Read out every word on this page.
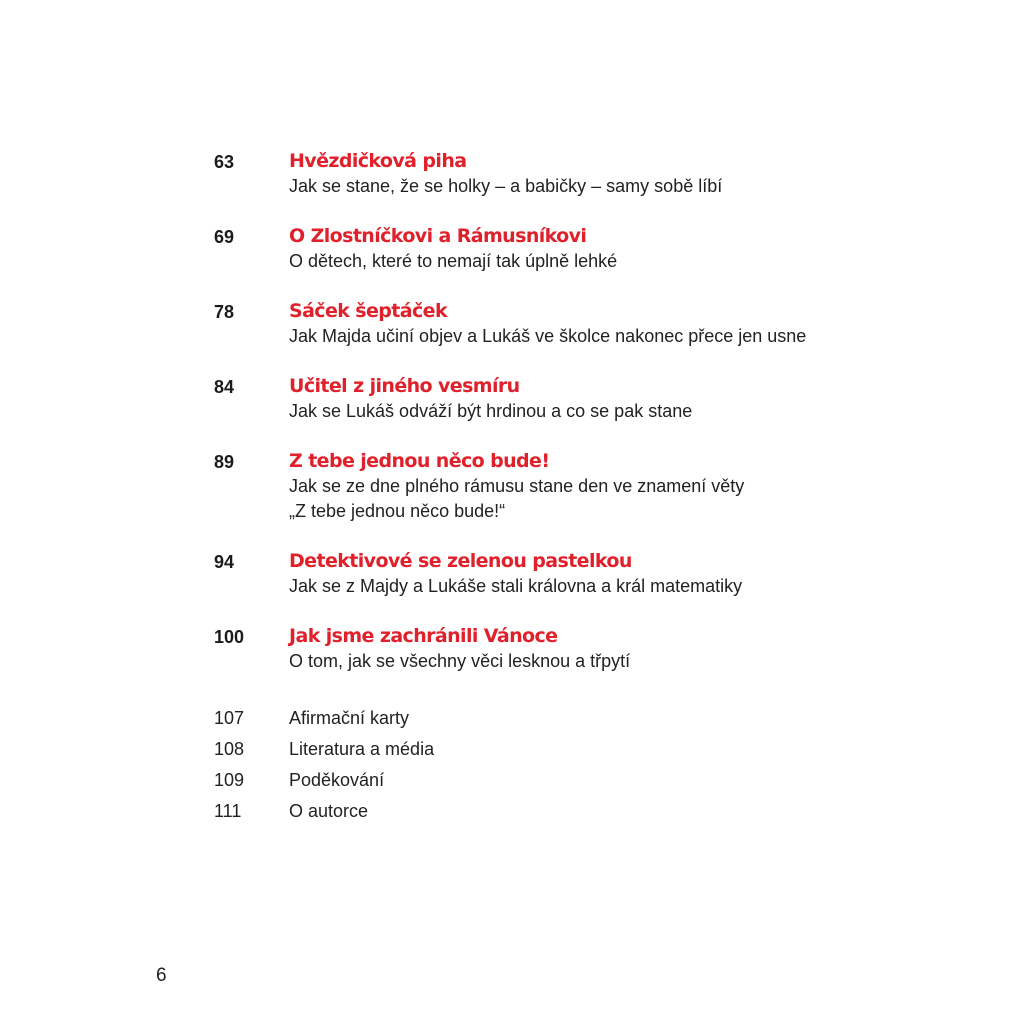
63	Hvězdičková piha
Jak se stane, že se holky – a babičky – samy sobě líbí
69	O Zlostníčkovi a Rámusníkovi
O dětech, které to nemají tak úplně lehké
78	Sáček šeptáček
Jak Majda učiní objev a Lukáš ve školce nakonec přece jen usne
84	Učitel z jiného vesmíru
Jak se Lukáš odváží být hrdinou a co se pak stane
89	Z tebe jednou něco bude!
Jak se ze dne plného rámusu stane den ve znamení věty
„Z tebe jednou něco bude!“
94	Detektivové se zelenou pastelkou
Jak se z Majdy a Lukáše stali královna a král matematiky
100	Jak jsme zachránili Vánoce
O tom, jak se všechny věci lesknou a třpytí
107	Afirmační karty
108	Literatura a média
109	Poděkování
111	O autorce
6
